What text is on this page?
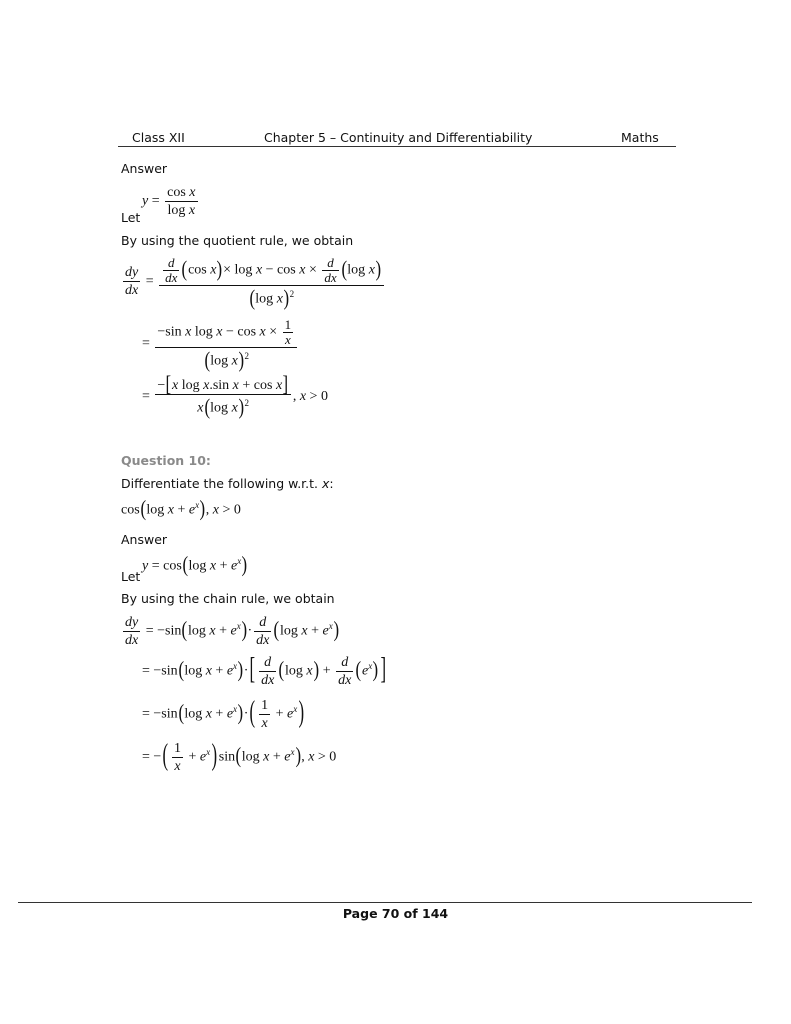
Class XII	Chapter 5 – Continuity and Differentiability	Maths
Answer
$y = \frac{\text{cos x}}{\text{log x}}$
Let
By using the quotient rule, we obtain
$\frac{dy}{dx} = \frac{\frac{d}{dx} (\cos x)\times \log x - \cos x \times \frac{d}{dx} (\log x)}{(\log x)^2}$
= $\frac{-\sin x \log x - \cos x \times \frac{1}{x}}{(\log x)^2}$
= $\frac{\text{−[x log x.sin x + cos x]}}{x(\log x)^2}$ , x > 0
Question 10:
Differentiate the following w.r.t. x:
cos(log $x + e^x$), x > 0
Answer
y = cos(log $x + e^x$)
Let
By using the chain rule, we obtain
$\frac{dy}{dx} = -\sin(\log$ $x + e^x)\cdot \frac{d}{dx} (\log$ $x + e^x$)
= −sin(log $x + e^x)\cdot$ [ $\frac{d}{dx} (\log$ $x) + \frac{d}{dx} (e^x)$ ]
= −sin(log $x + e^x)\cdot$ ( $\frac{1}{x} + e^x$ )
= − ( $\frac{1}{x} + e^x$ ) sin(log $x + e^x$), x > 0
Page 70 of 144
